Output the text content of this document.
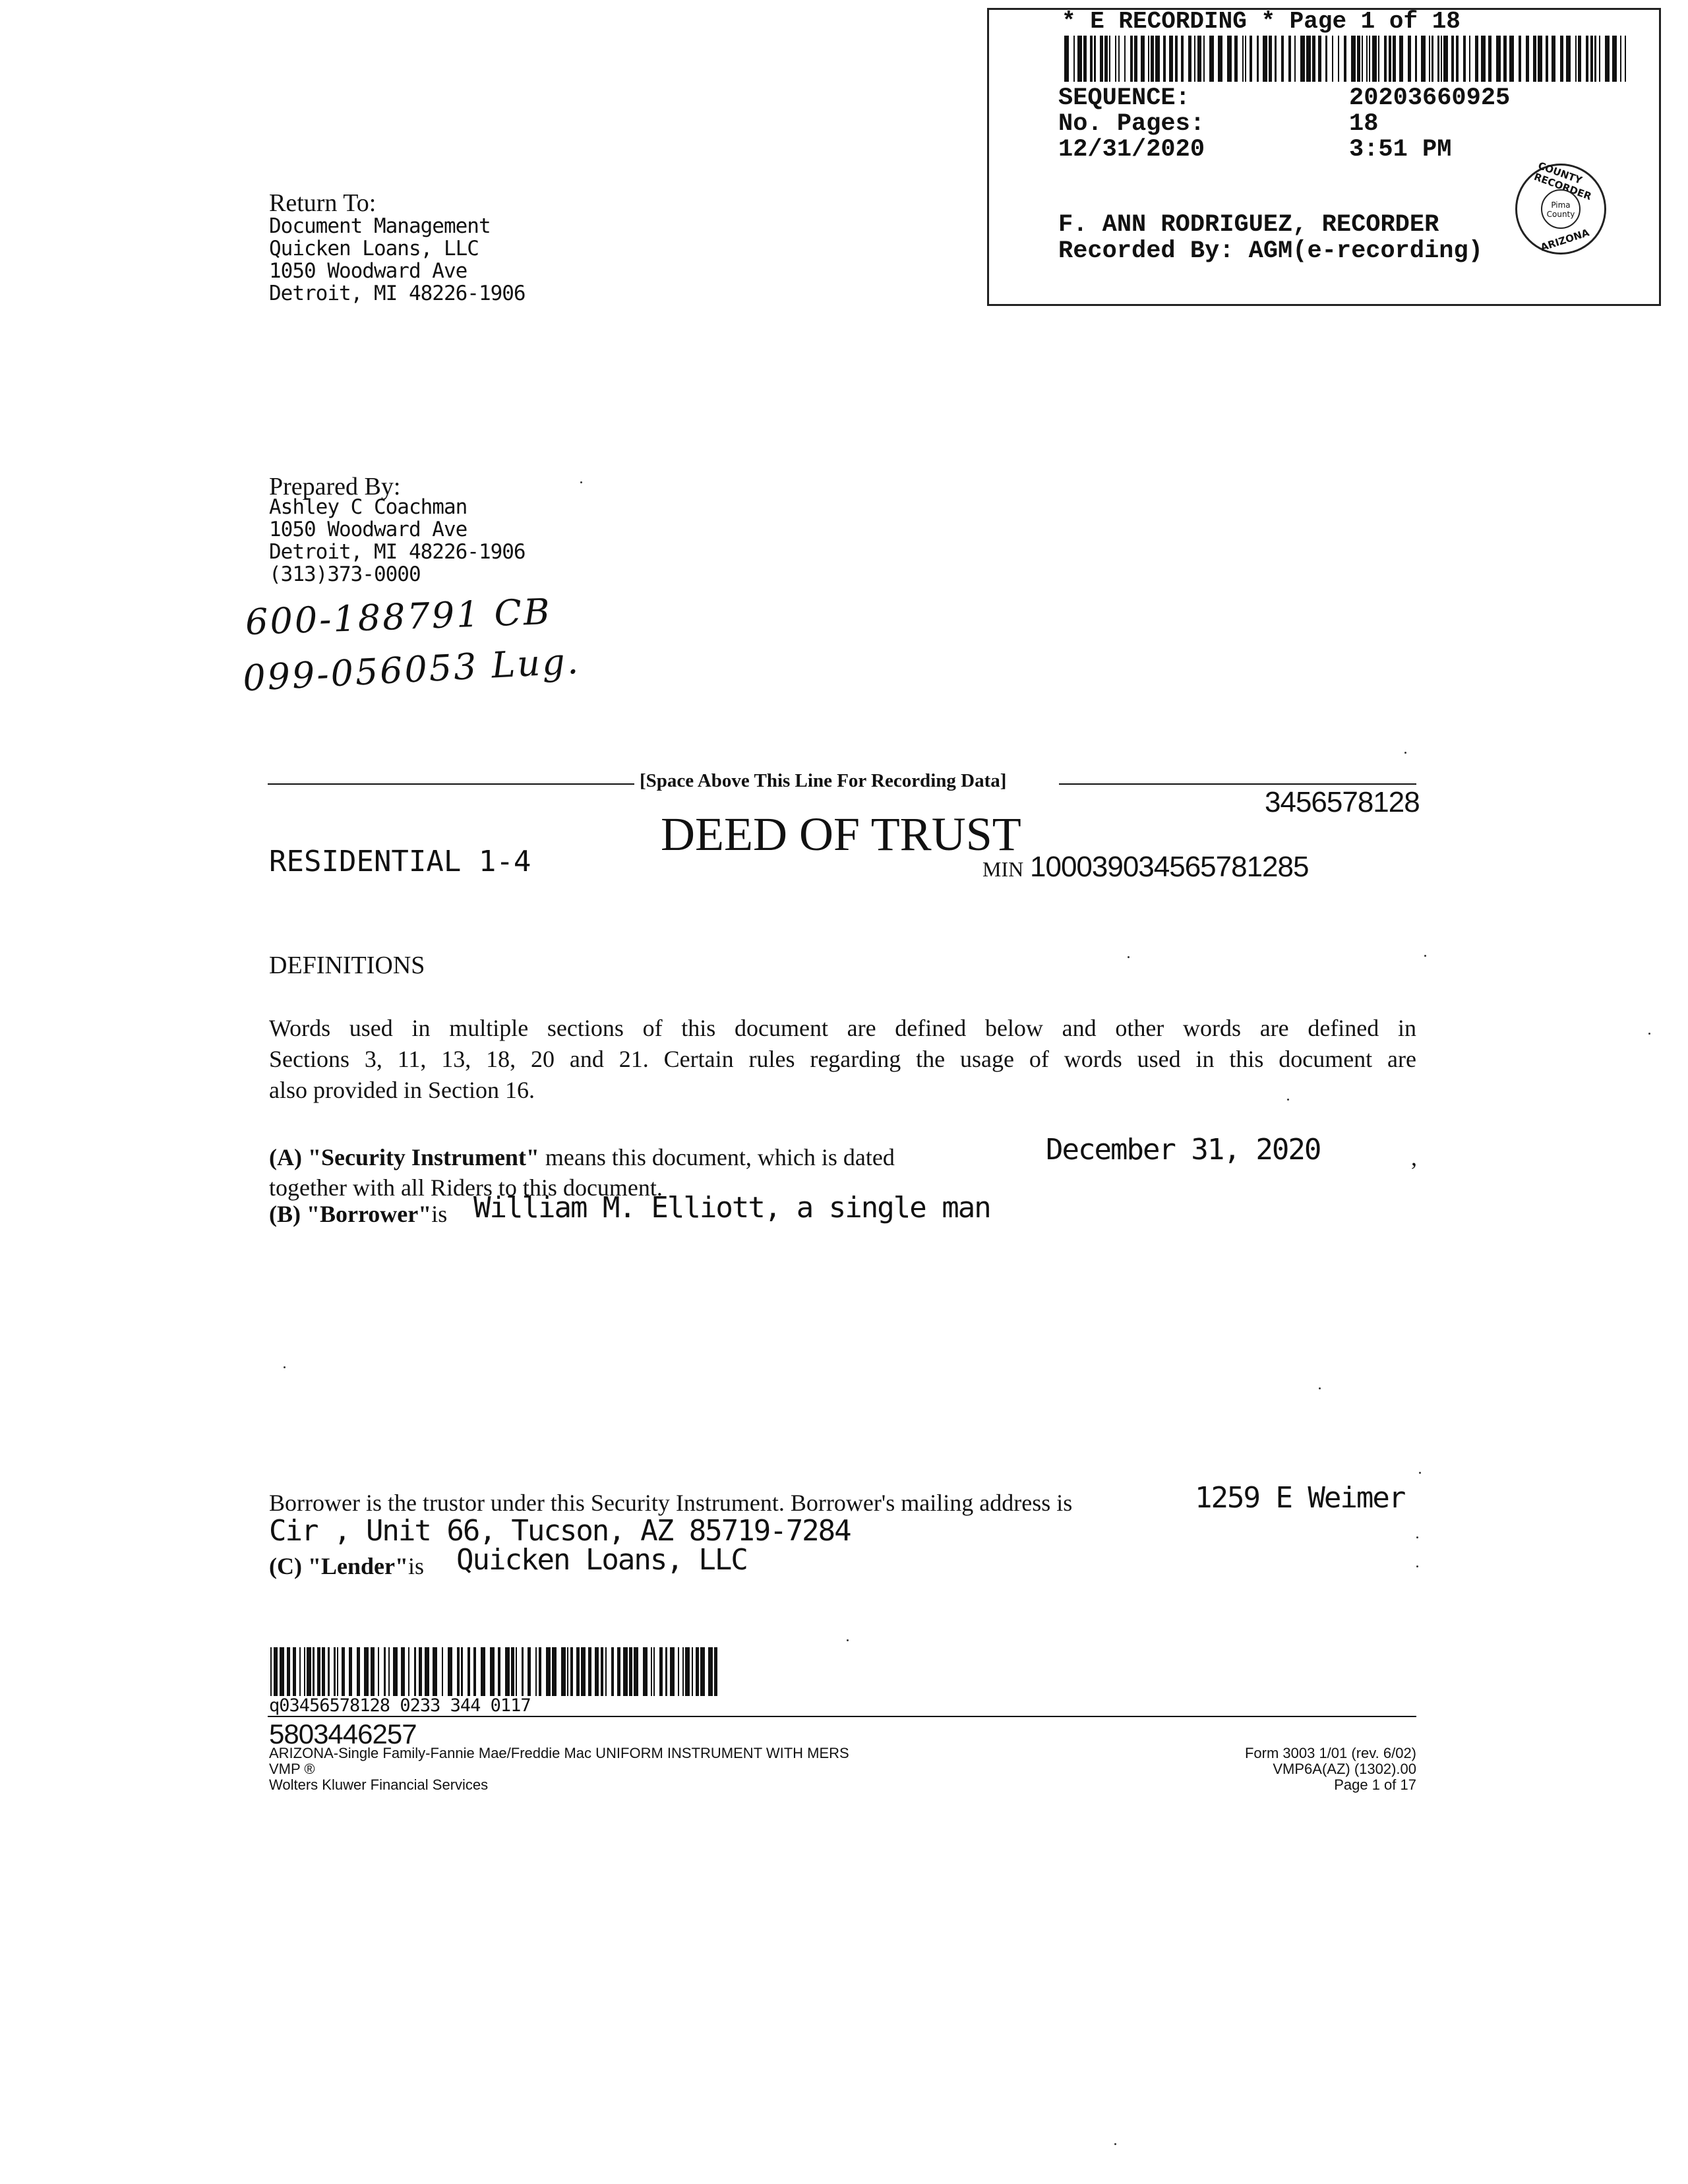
* E RECORDING * Page 1 of 18
SEQUENCE:	20203660925
No. Pages:	18
12/31/2020	3:51 PM
F. ANN RODRIGUEZ, RECORDER
Recorded By: AGM(e-recording)
COUNTY RECORDER
ARIZONA
Pima
County
Return To:
Document Management
Quicken Loans, LLC
1050 Woodward Ave
Detroit, MI 48226-1906
Prepared By:
Ashley C Coachman
1050 Woodward Ave
Detroit, MI 48226-1906
(313)373-0000
600-188791 CB
099-056053 Lug.
[Space Above This Line For Recording Data]
3456578128
DEED OF TRUST
RESIDENTIAL 1-4	MIN 100039034565781285
DEFINITIONS
Words used in multiple sections of this document are defined below and other words are defined in
Sections 3, 11, 13, 18, 20 and 21. Certain rules regarding the usage of words used in this document are
also provided in Section 16.
(A) "Security Instrument" means this document, which is dated	December 31, 2020	,
together with all Riders to this document.
(B) "Borrower"is William M. Elliott, a single man
Borrower is the trustor under this Security Instrument. Borrower's mailing address is	1259 E Weimer
Cir , Unit 66, Tucson, AZ 85719-7284
(C) "Lender"is Quicken Loans, LLC
q03456578128 0233 344 0117
5803446257
ARIZONA-Single Family-Fannie Mae/Freddie Mac UNIFORM INSTRUMENT WITH MERS
VMP ®
Wolters Kluwer Financial Services
Form 3003 1/01 (rev. 6/02)
VMP6A(AZ) (1302).00
Page 1 of 17
